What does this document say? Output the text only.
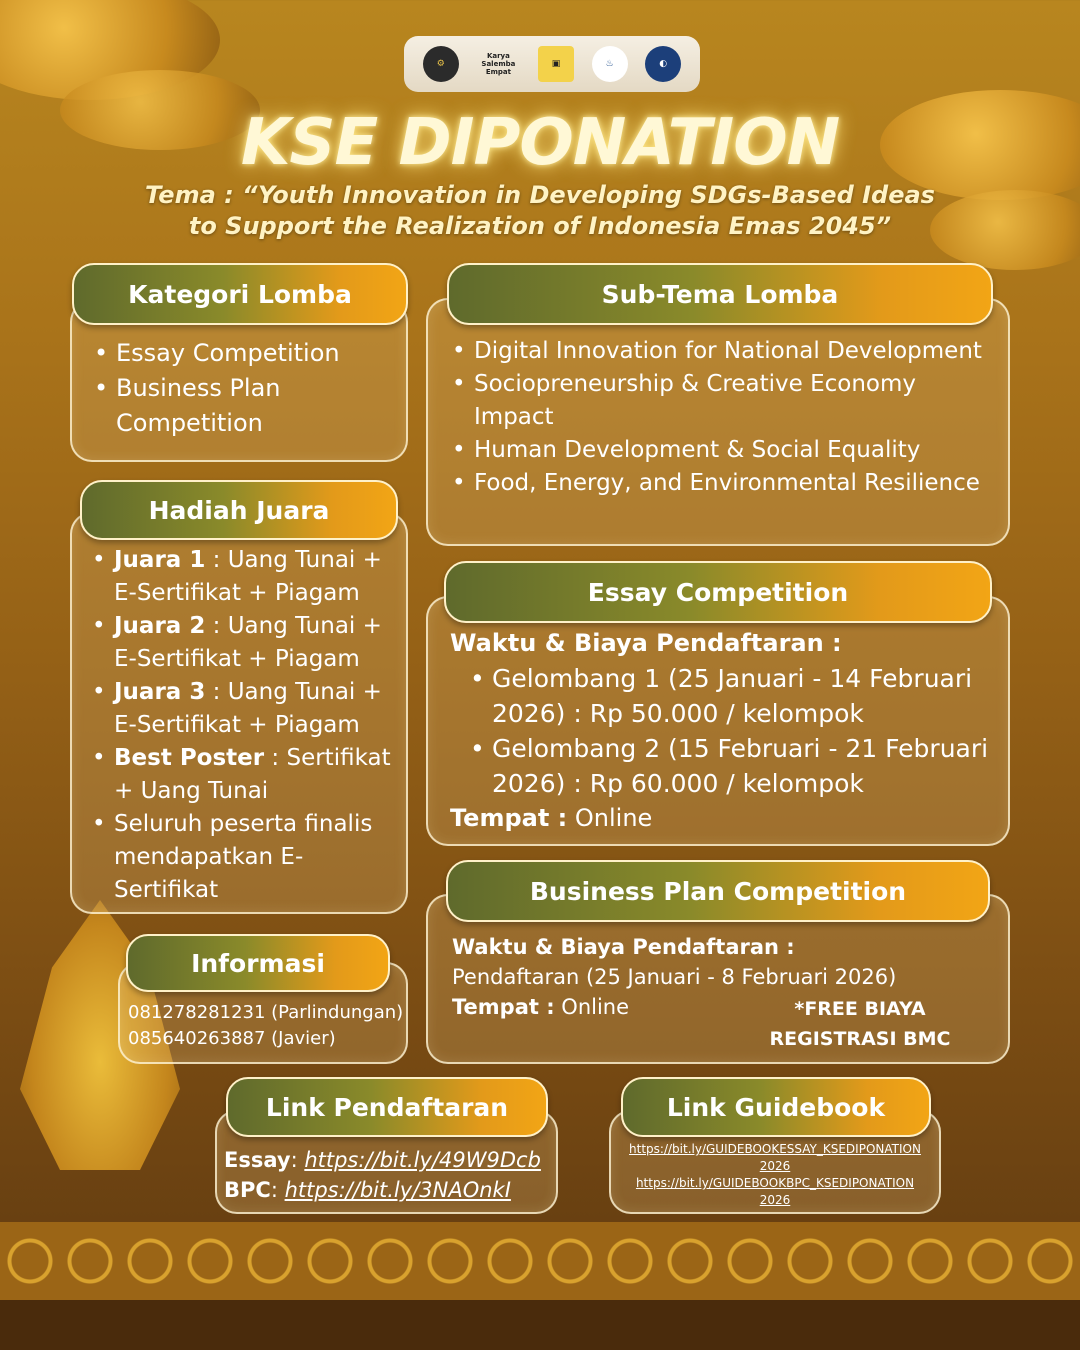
⚙
Karya Salemba Empat
▣	♨	◐
KSE DIPONATION
Tema : “Youth Innovation in Developing SDGs-Based Ideas
to Support the Realization of Indonesia Emas 2045”
Kategori Lomba
• Essay Competition
• Business Plan Competition
Sub-Tema Lomba
• Digital Innovation for National Development
• Sociopreneurship & Creative Economy Impact
• Human Development & Social Equality
• Food, Energy, and Environmental Resilience
Hadiah Juara
• Juara 1 : Uang Tunai + E-Sertifikat + Piagam
• Juara 2 : Uang Tunai + E-Sertifikat + Piagam
• Juara 3 : Uang Tunai + E-Sertifikat + Piagam
• Best Poster : Sertifikat + Uang Tunai
• Seluruh peserta finalis mendapatkan E-Sertifikat
Essay Competition
Waktu & Biaya Pendaftaran :
• Gelombang 1 (25 Januari - 14 Februari 2026) : Rp 50.000 / kelompok
• Gelombang 2 (15 Februari - 21 Februari 2026) : Rp 60.000 / kelompok
Tempat : Online
Business Plan Competition
Waktu & Biaya Pendaftaran :
Pendaftaran (25 Januari - 8 Februari 2026)
Tempat : Online	*FREE BIAYA
REGISTRASI BMC
Informasi
081278281231 (Parlindungan)
085640263887 (Javier)
Link Pendaftaran
Essay: https://bit.ly/49W9Dcb
BPC: https://bit.ly/3NAOnkI
Link Guidebook
https://bit.ly/GUIDEBOOKESSAY_KSEDIPONATION
2026
https://bit.ly/GUIDEBOOKBPC_KSEDIPONATION
2026
